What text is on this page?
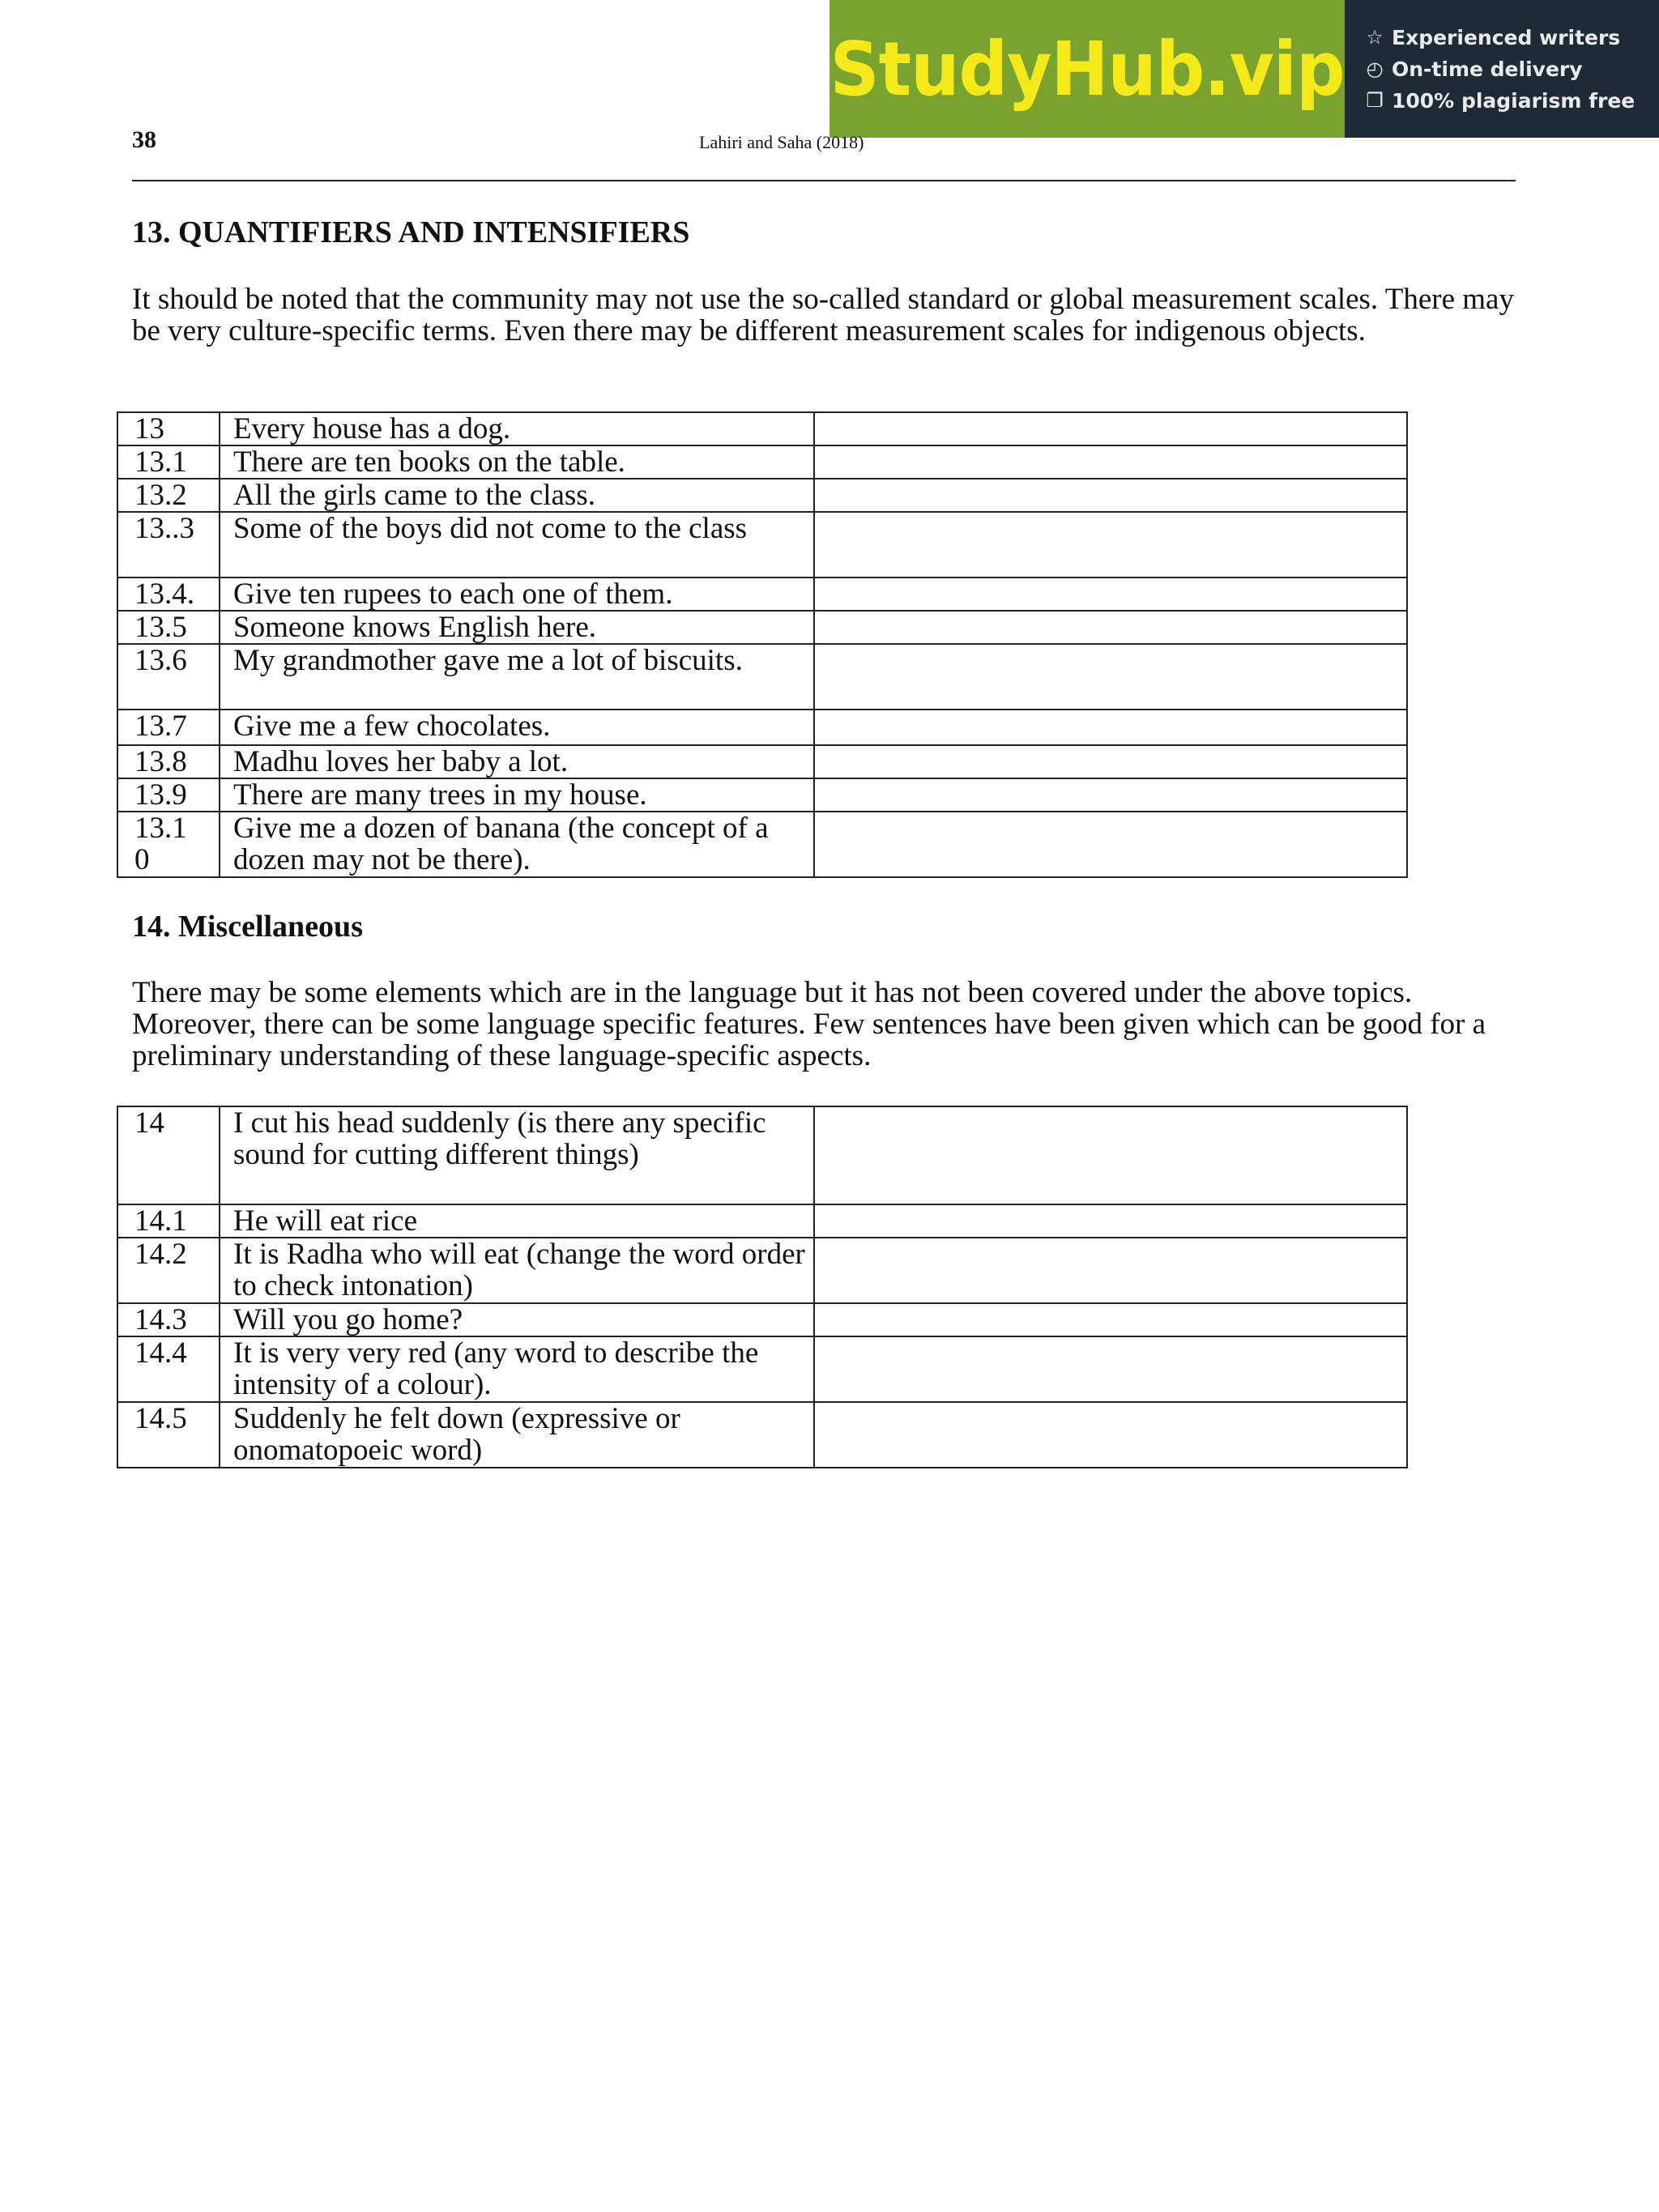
StudyHub.vip ☆ Experienced writers
◴ On-time delivery
❐ 100% plagiarism free
38	Lahiri and Saha (2018)
13. QUANTIFIERS AND INTENSIFIERS
It should be noted that the community may not use the so-called standard or global measurement scales. There may be very culture-specific terms. Even there may be different measurement scales for indigenous objects.
13	Every house has a dog.	
13.1	There are ten books on the table.	
13.2	All the girls came to the class.	
13..3	Some of the boys did not come to the class	
13.4.	Give ten rupees to each one of them.	
13.5	Someone knows English here.	
13.6	My grandmother gave me a lot of biscuits.	
13.7	Give me a few chocolates.	
13.8	Madhu loves her baby a lot.	
13.9	There are many trees in my house.	
13.10	Give me a dozen of banana (the concept of a dozen may not be there).	
14. Miscellaneous
There may be some elements which are in the language but it has not been covered under the above topics. Moreover, there can be some language specific features. Few sentences have been given which can be good for a preliminary understanding of these language-specific aspects.
14	I cut his head suddenly (is there any specific sound for cutting different things)	
14.1	He will eat rice	
14.2	It is Radha who will eat (change the word order to check intonation)	
14.3	Will you go home?	
14.4	It is very very red (any word to describe the intensity of a colour).	
14.5	Suddenly he felt down (expressive or onomatopoeic word)	
